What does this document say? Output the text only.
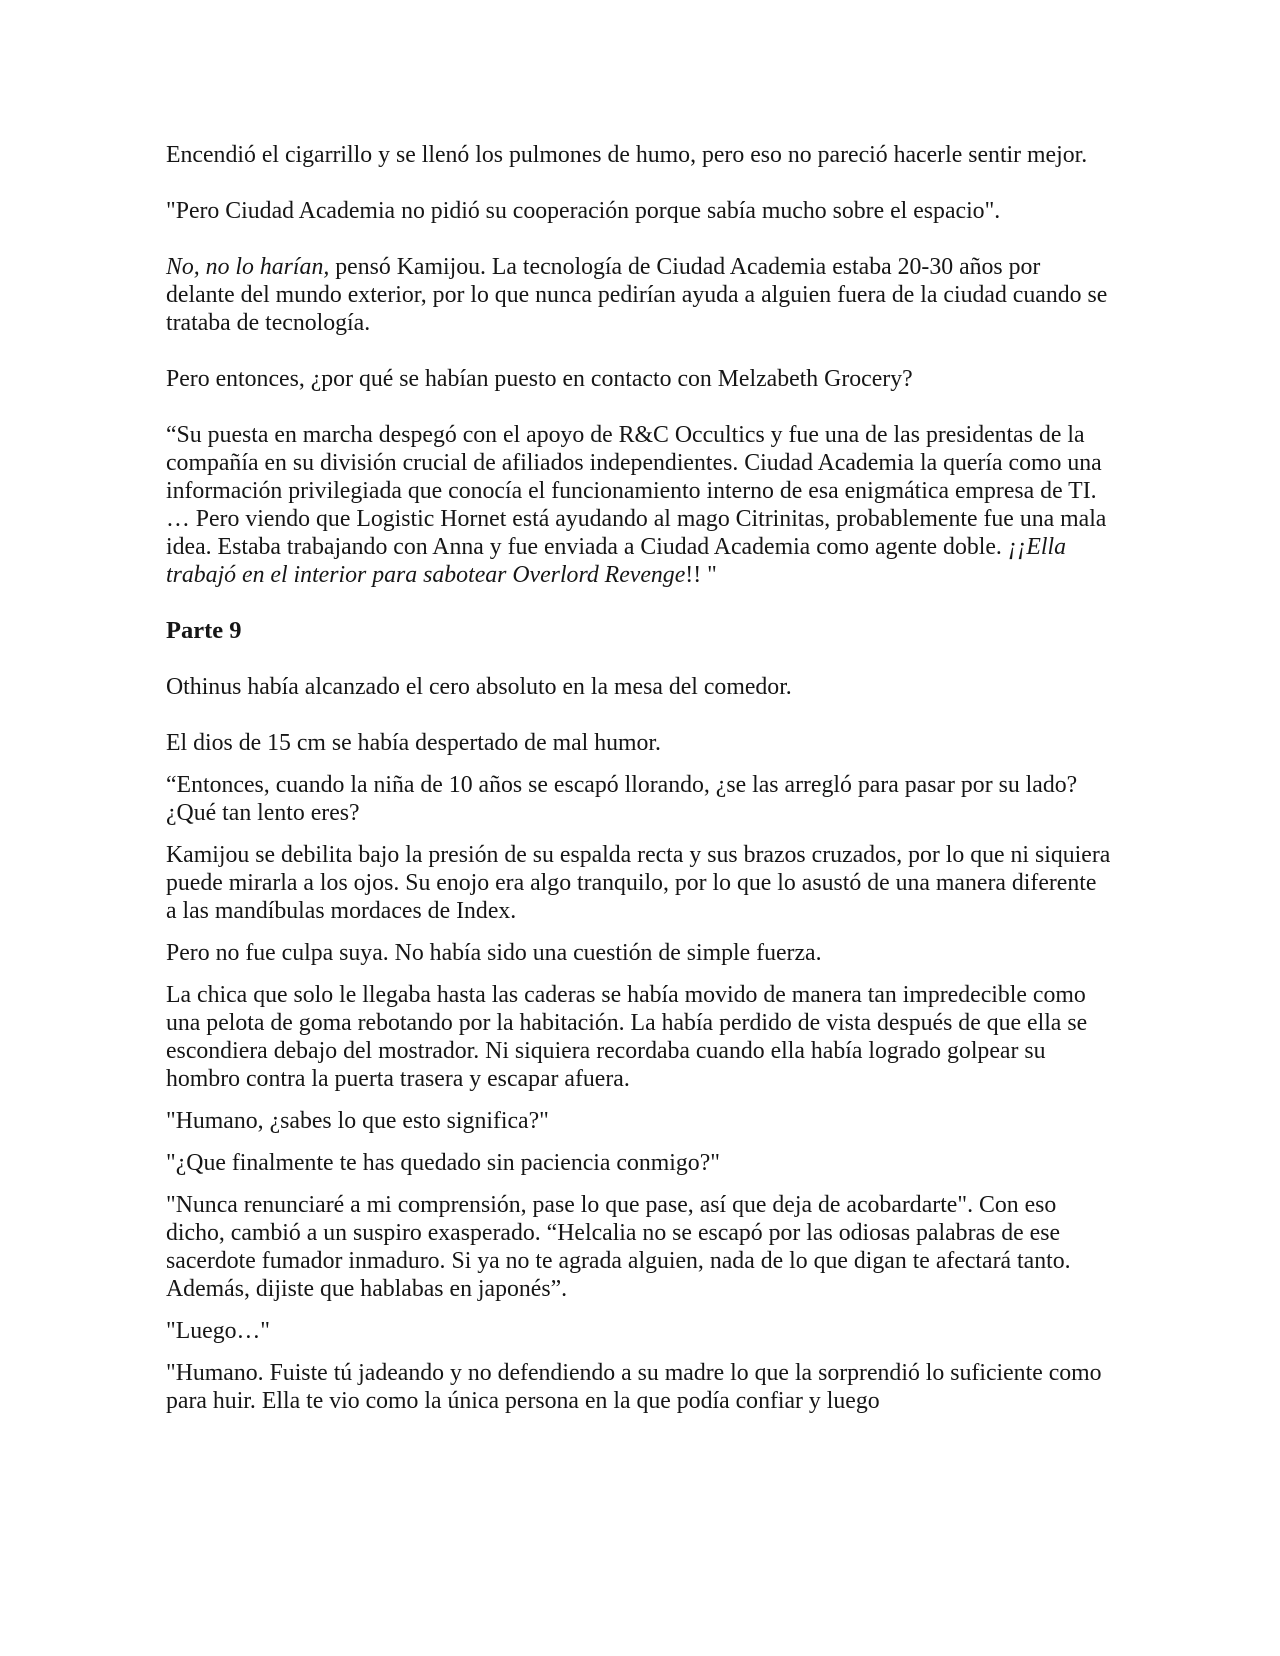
Encendió el cigarrillo y se llenó los pulmones de humo, pero eso no pareció hacerle sentir mejor.

"Pero Ciudad Academia no pidió su cooperación porque sabía mucho sobre el espacio".

No, no lo harían, pensó Kamijou. La tecnología de Ciudad Academia estaba 20-30 años por delante del mundo exterior, por lo que nunca pedirían ayuda a alguien fuera de la ciudad cuando se trataba de tecnología.

Pero entonces, ¿por qué se habían puesto en contacto con Melzabeth Grocery?

“Su puesta en marcha despegó con el apoyo de R&C Occultics y fue una de las presidentas de la compañía en su división crucial de afiliados independientes. Ciudad Academia la quería como una información privilegiada que conocía el funcionamiento interno de esa enigmática empresa de TI. … Pero viendo que Logistic Hornet está ayudando al mago Citrinitas, probablemente fue una mala idea. Estaba trabajando con Anna y fue enviada a Ciudad Academia como agente doble. ¡¡Ella trabajó en el interior para sabotear Overlord Revenge!! "

Parte 9

Othinus había alcanzado el cero absoluto en la mesa del comedor.

El dios de 15 cm se había despertado de mal humor.

“Entonces, cuando la niña de 10 años se escapó llorando, ¿se las arregló para pasar por su lado? ¿Qué tan lento eres?

Kamijou se debilita bajo la presión de su espalda recta y sus brazos cruzados, por lo que ni siquiera puede mirarla a los ojos. Su enojo era algo tranquilo, por lo que lo asustó de una manera diferente a las mandíbulas mordaces de Index.

Pero no fue culpa suya. No había sido una cuestión de simple fuerza.

La chica que solo le llegaba hasta las caderas se había movido de manera tan impredecible como una pelota de goma rebotando por la habitación. La había perdido de vista después de que ella se escondiera debajo del mostrador. Ni siquiera recordaba cuando ella había logrado golpear su hombro contra la puerta trasera y escapar afuera.

"Humano, ¿sabes lo que esto significa?"

"¿Que finalmente te has quedado sin paciencia conmigo?"

"Nunca renunciaré a mi comprensión, pase lo que pase, así que deja de acobardarte". Con eso dicho, cambió a un suspiro exasperado. “Helcalia no se escapó por las odiosas palabras de ese sacerdote fumador inmaduro. Si ya no te agrada alguien, nada de lo que digan te afectará tanto. Además, dijiste que hablabas en japonés”.

"Luego…"

"Humano. Fuiste tú jadeando y no defendiendo a su madre lo que la sorprendió lo suficiente como para huir. Ella te vio como la única persona en la que podía confiar y luego
